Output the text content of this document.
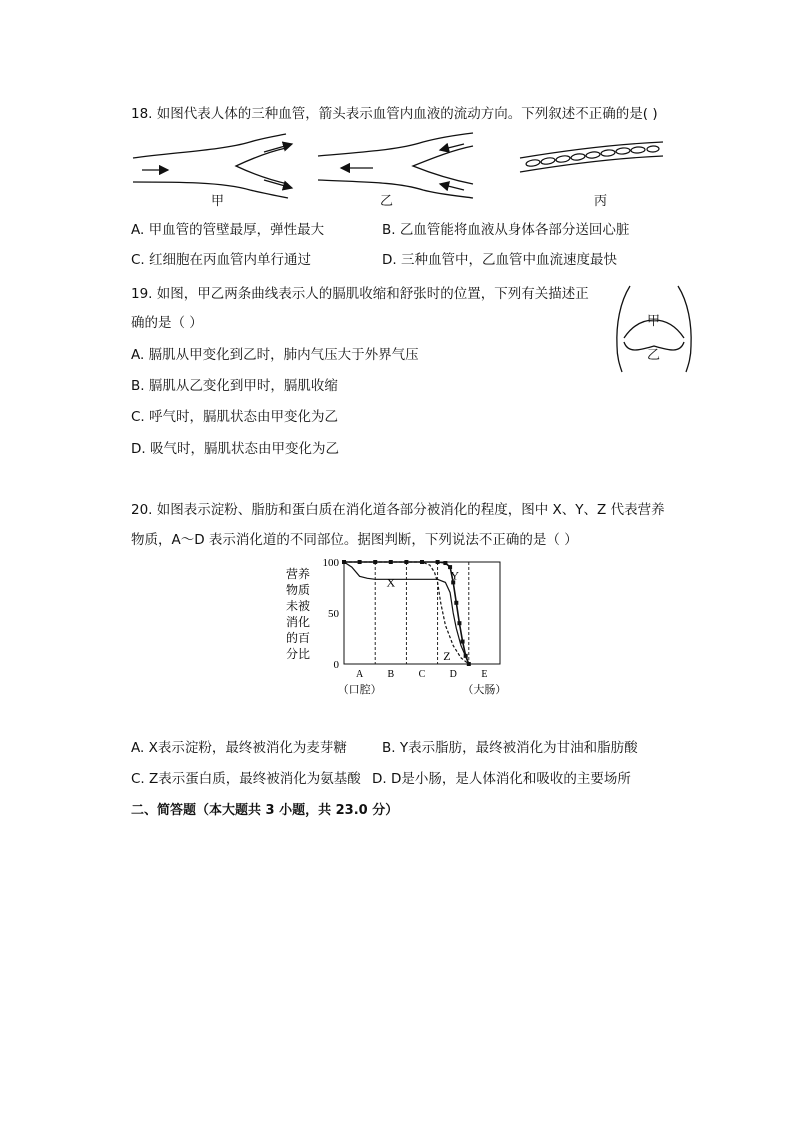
18. 如图代表人体的三种血管，箭头表示血管内血液的流动方向。下列叙述不正确的是( )
甲	乙	丙
A. 甲血管的管壁最厚，弹性最大	B. 乙血管能将血液从身体各部分送回心脏
C. 红细胞在丙血管内单行通过	D. 三种血管中，乙血管中血流速度最快
19. 如图，甲乙两条曲线表示人的膈肌收缩和舒张时的位置，下列有关描述正
确的是（ ）	甲
乙
A. 膈肌从甲变化到乙时，肺内气压大于外界气压
B. 膈肌从乙变化到甲时，膈肌收缩
C. 呼气时，膈肌状态由甲变化为乙
D. 吸气时，膈肌状态由甲变化为乙
20. 如图表示淀粉、脂肪和蛋白质在消化道各部分被消化的程度，图中 X、Y、Z 代表营养
物质，A～D 表示消化道的不同部位。据图判断，下列说法不正确的是（ ）
营养
物质
未被
消化
的百
分比
100
50
0
A B C D E
（口腔）	（大肠）
X
Y
Z
A. X表示淀粉，最终被消化为麦芽糖	B. Y表示脂肪，最终被消化为甘油和脂肪酸
C. Z表示蛋白质，最终被消化为氨基酸 D. D是小肠，是人体消化和吸收的主要场所
二、简答题（本大题共 3 小题，共 23.0 分）
